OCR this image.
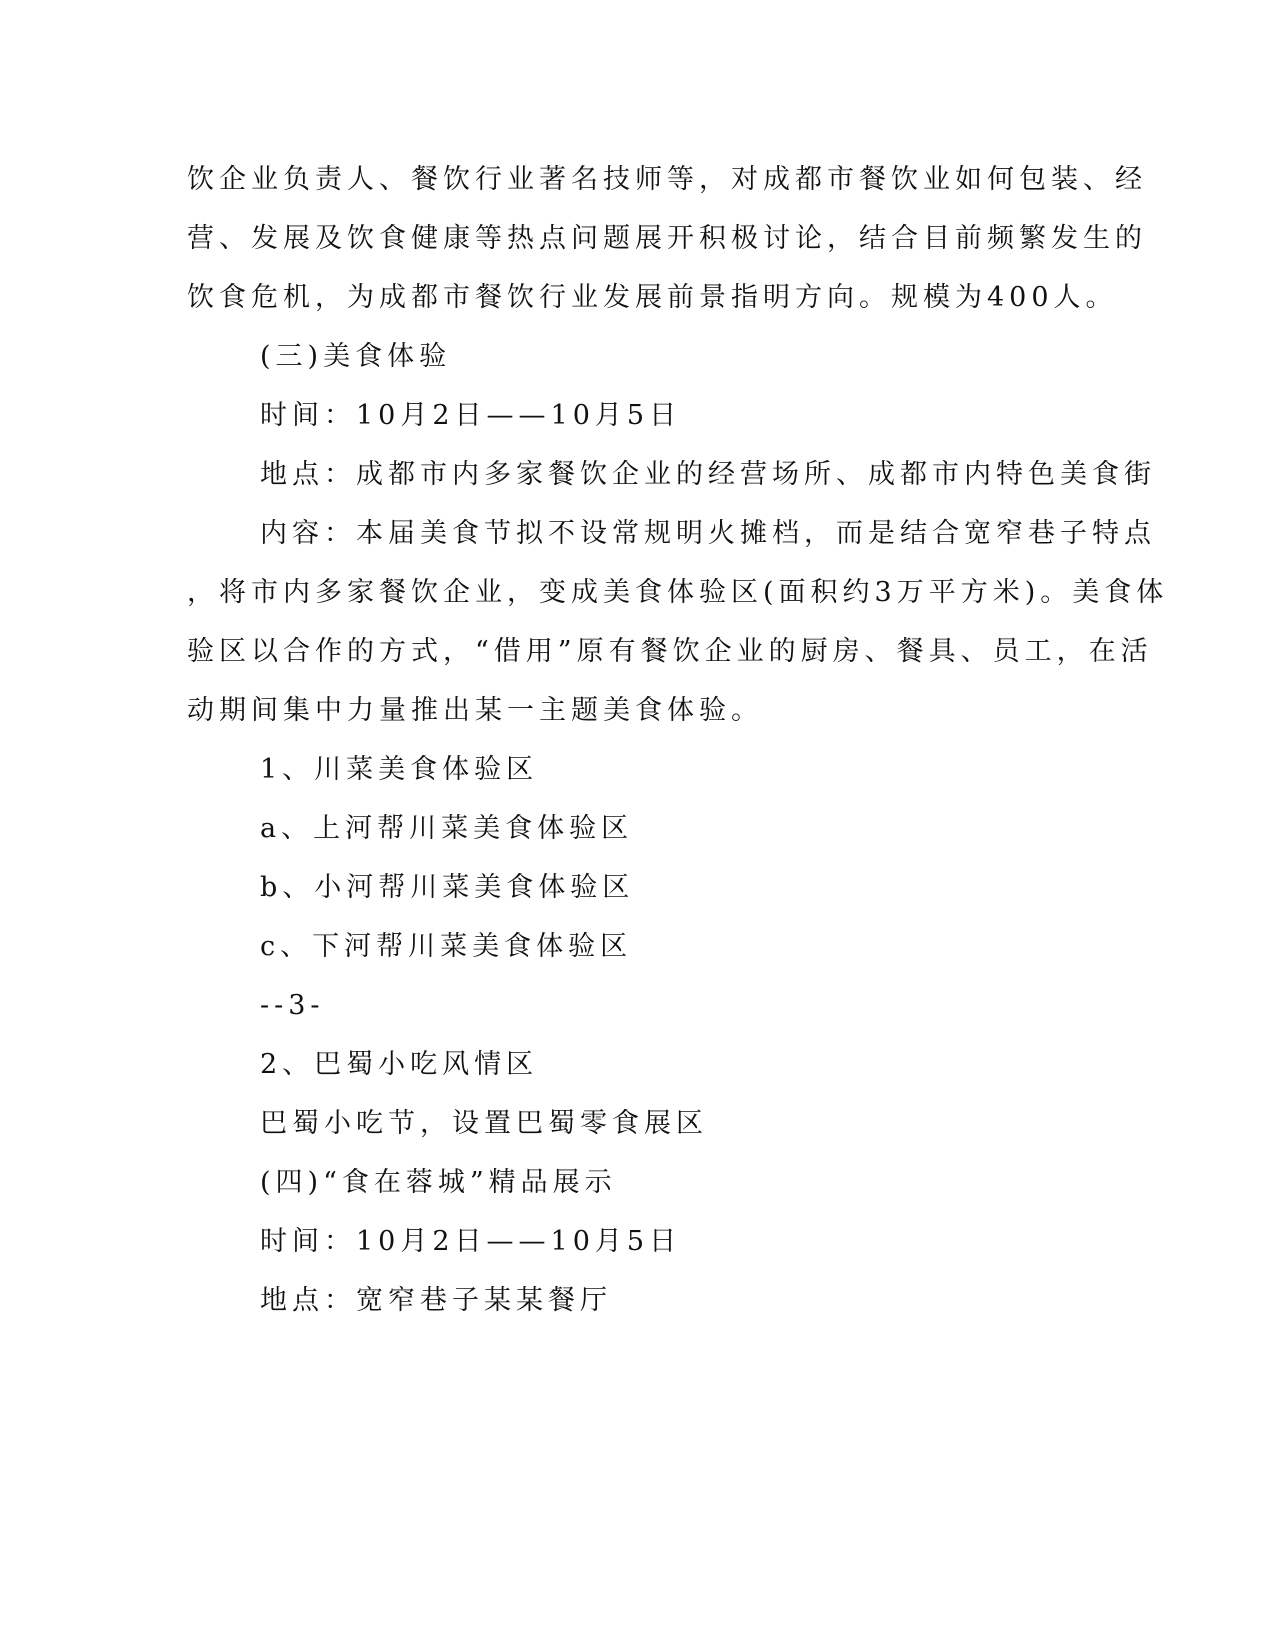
饮企业负责人、餐饮行业著名技师等，对成都市餐饮业如何包装、经
营、发展及饮食健康等热点问题展开积极讨论，结合目前频繁发生的
饮食危机，为成都市餐饮行业发展前景指明方向。规模为400人。
(三)美食体验
时间：10月2日——10月5日
地点：成都市内多家餐饮企业的经营场所、成都市内特色美食街
内容：本届美食节拟不设常规明火摊档，而是结合宽窄巷子特点
，将市内多家餐饮企业，变成美食体验区(面积约3万平方米)。美食体
验区以合作的方式，“借用”原有餐饮企业的厨房、餐具、员工，在活
动期间集中力量推出某一主题美食体验。
1、川菜美食体验区
a、上河帮川菜美食体验区
b、小河帮川菜美食体验区
c、下河帮川菜美食体验区
--3-
2、巴蜀小吃风情区
巴蜀小吃节，设置巴蜀零食展区
(四)“食在蓉城”精品展示
时间：10月2日——10月5日
地点：宽窄巷子某某餐厅
